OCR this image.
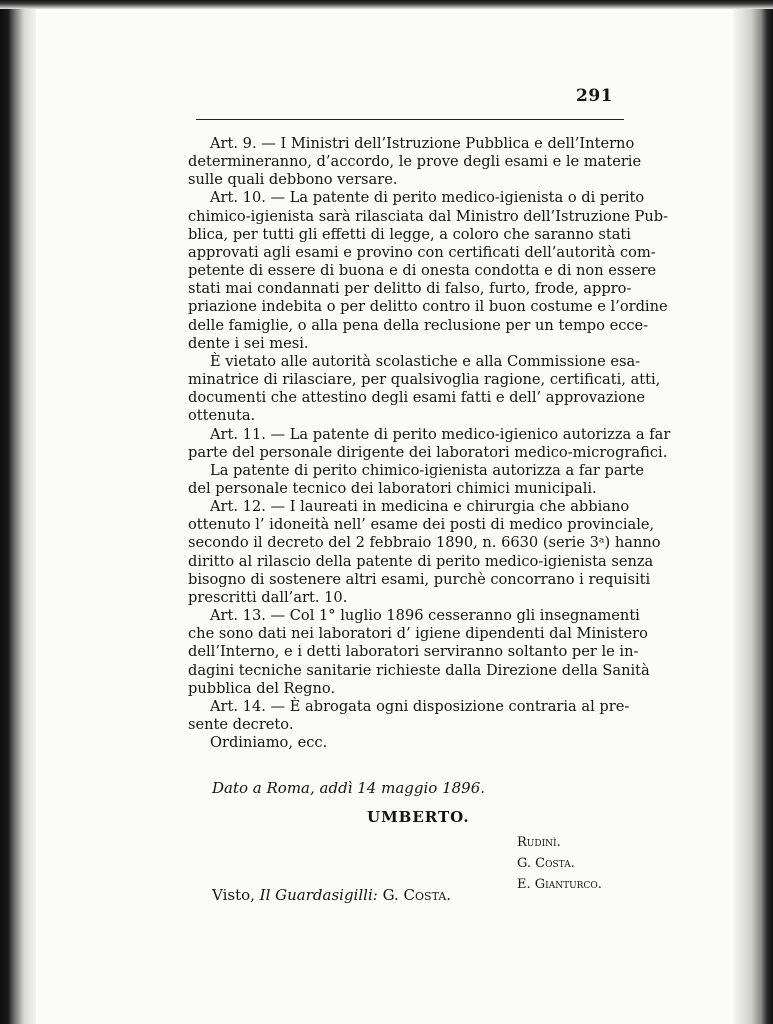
291
Art. 9. — I Ministri dell’Istruzione Pubblica e dell’Interno
determineranno, d’accordo, le prove degli esami e le materie
sulle quali debbono versare.
Art. 10. — La patente di perito medico-igienista o di perito
chimico-igienista sarà rilasciata dal Ministro dell’Istruzione Pub-
blica, per tutti gli effetti di legge, a coloro che saranno stati
approvati agli esami e provino con certificati dell’autorità com-
petente di essere di buona e di onesta condotta e di non essere
stati mai condannati per delitto di falso, furto, frode, appro-
priazione indebita o per delitto contro il buon costume e l’ordine
delle famiglie, o alla pena della reclusione per un tempo ecce-
dente i sei mesi.
È vietato alle autorità scolastiche e alla Commissione esa-
minatrice di rilasciare, per qualsivoglia ragione, certificati, atti,
documenti che attestino degli esami fatti e dell’ approvazione
ottenuta.
Art. 11. — La patente di perito medico-igienico autorizza a far
parte del personale dirigente dei laboratori medico-micrografici.
La patente di perito chimico-igienista autorizza a far parte
del personale tecnico dei laboratori chimici municipali.
Art. 12. — I laureati in medicina e chirurgia che abbiano
ottenuto l’ idoneità nell’ esame dei posti di medico provinciale,
secondo il decreto del 2 febbraio 1890, n. 6630 (serie 3ᵃ) hanno
diritto al rilascio della patente di perito medico-igienista senza
bisogno di sostenere altri esami, purchè concorrano i requisiti
prescritti dall’art. 10.
Art. 13. — Col 1° luglio 1896 cesseranno gli insegnamenti
che sono dati nei laboratori d’ igiene dipendenti dal Ministero
dell’Interno, e i detti laboratori serviranno soltanto per le in-
dagini tecniche sanitarie richieste dalla Direzione della Sanità
pubblica del Regno.
Art. 14. — È abrogata ogni disposizione contraria al pre-
sente decreto.
Ordiniamo, ecc.
Dato a Roma, addì 14 maggio 1896.
UMBERTO.
Rudinì.
G. Costa.
E. Gianturco.
Visto, Il Guardasigilli: G. Costa.
